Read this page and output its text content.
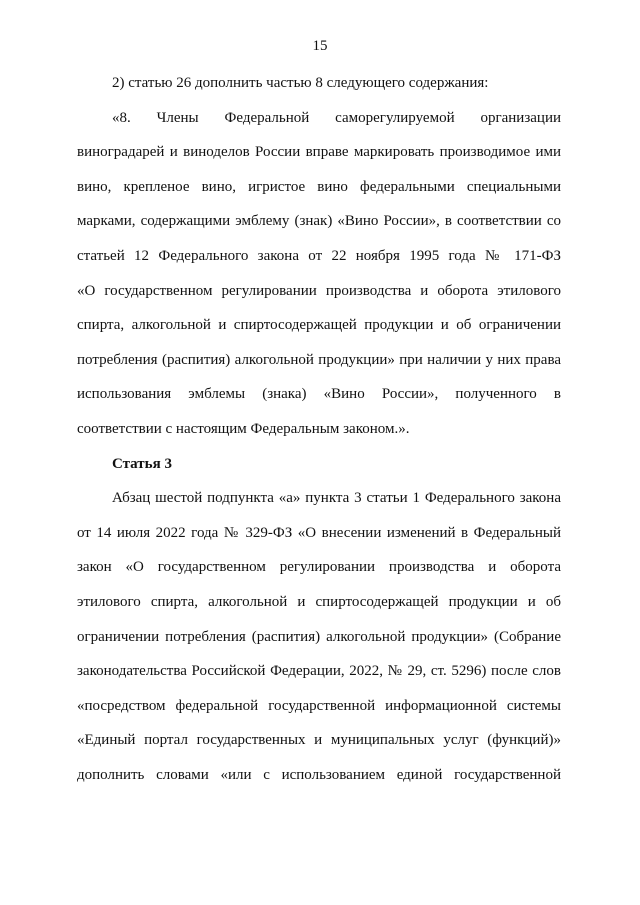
15
2) статью 26 дополнить частью 8 следующего содержания:
«8. Члены Федеральной саморегулируемой организации
виноградарей и виноделов России вправе маркировать производимое ими
вино, крепленое вино, игристое вино федеральными специальными
марками, содержащими эмблему (знак) «Вино России», в соответствии со
статьей 12 Федерального закона от 22 ноября 1995 года № 171-ФЗ
«О государственном регулировании производства и оборота этилового
спирта, алкогольной и спиртосодержащей продукции и об ограничении
потребления (распития) алкогольной продукции» при наличии у них права
использования эмблемы (знака) «Вино России», полученного в
соответствии с настоящим Федеральным законом.».
Статья 3
Абзац шестой подпункта «а» пункта 3 статьи 1 Федерального закона
от 14 июля 2022 года № 329-ФЗ «О внесении изменений в Федеральный
закон «О государственном регулировании производства и оборота
этилового спирта, алкогольной и спиртосодержащей продукции и об
ограничении потребления (распития) алкогольной продукции» (Собрание
законодательства Российской Федерации, 2022, № 29, ст. 5296) после слов
«посредством федеральной государственной информационной системы
«Единый портал государственных и муниципальных услуг (функций)»
дополнить словами «или с использованием единой государственной
